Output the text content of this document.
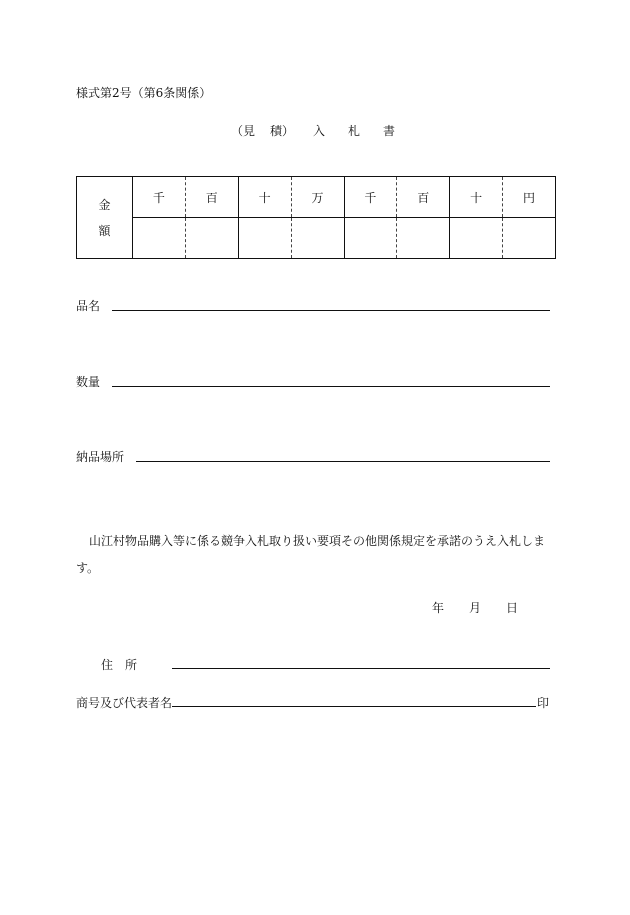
様式第2号（第6条関係）
（見 積） 入 札 書
金
額	千	百	十	万	千	百	十	円

品名
数量
納品場所
山江村物品購入等に係る競争入札取り扱い要項その他関係規定を承諾のうえ入札します。
年 月 日
住　所
商号及び代表者名	印
